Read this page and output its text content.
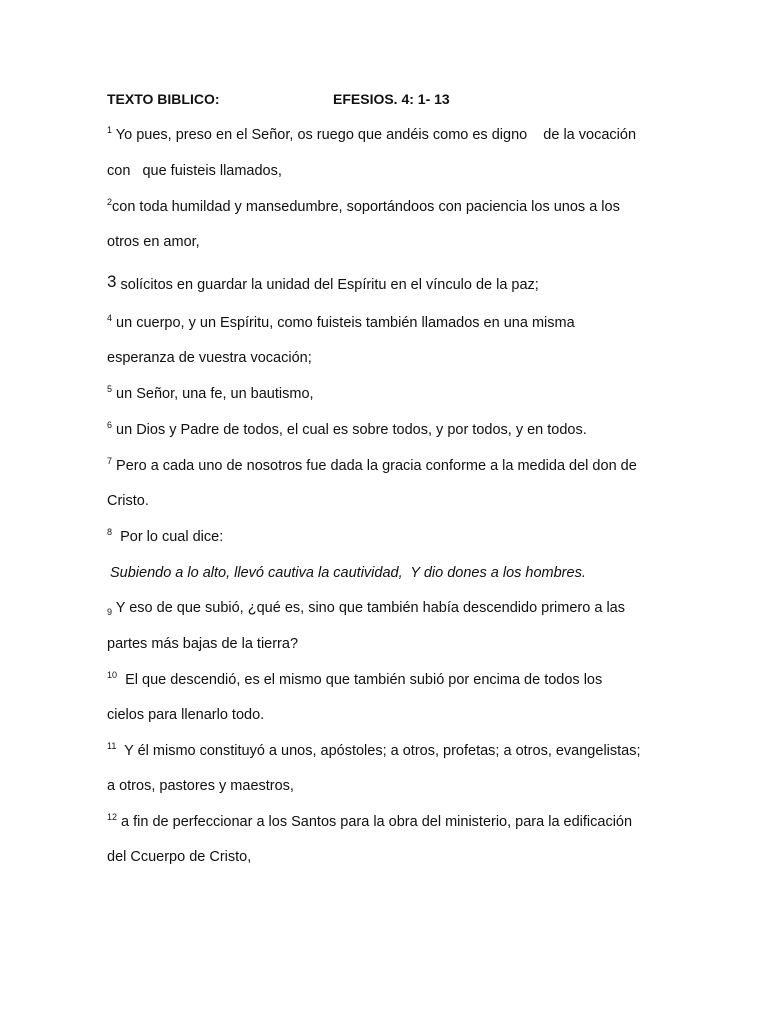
TEXTO BIBLICO:	EFESIOS. 4: 1- 13
$^1$ Yo pues, preso en el Señor, os ruego que andéis como es digno    de la vocación
con   que fuisteis llamados,
$^2$con toda humildad y mansedumbre, soportándoos con paciencia los unos a los
otros en amor,
3 solícitos en guardar la unidad del Espíritu en el vínculo de la paz;
$^4$ un cuerpo, y un Espíritu, como fuisteis también llamados en una misma
esperanza de vuestra vocación;
$^5$ un Señor, una fe, un bautismo,
$^6$ un Dios y Padre de todos, el cual es sobre todos, y por todos, y en todos.
$^7$ Pero a cada uno de nosotros fue dada la gracia conforme a la medida del don de
Cristo.
$^8$ Por lo cual dice:
Subiendo a lo alto, llevó cautiva la cautividad,  Y dio dones a los hombres.
$_9$ Y eso de que subió, ¿qué es, sino que también había descendido primero a las
partes más bajas de la tierra?
$^{10}$ El que descendió, es el mismo que también subió por encima de todos los
cielos para llenarlo todo.
$^{11}$ Y él mismo constituyó a unos, apóstoles; a otros, profetas; a otros, evangelistas;
a otros, pastores y maestros,
$^{12}$ a fin de perfeccionar a los Santos para la obra del ministerio, para la edificación
del Ccuerpo de Cristo,
